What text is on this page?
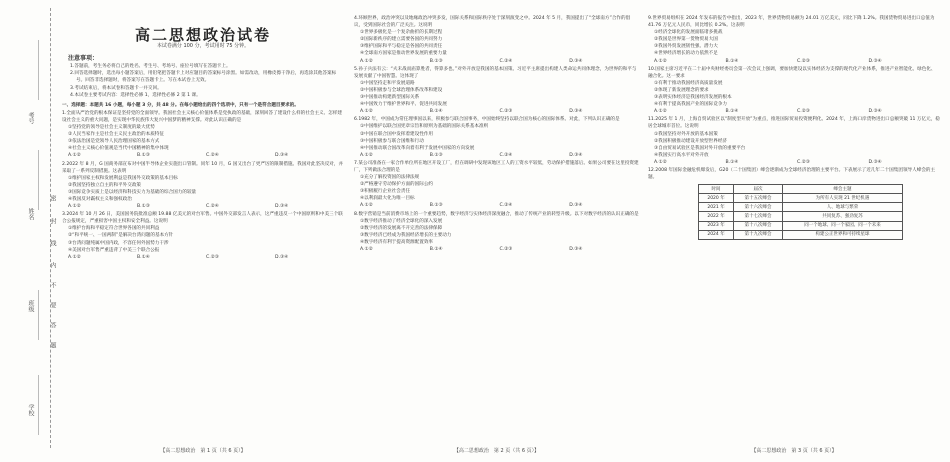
考号
姓名
密
封
线
内
不
要
答
题
班级
学校
高二思想政治试卷
本试卷满分 100 分，考试用时 75 分钟。
注意事项：
1.答题前，考生务必将自己的姓名、考生号、考场号、座位号填写在答题卡上。
2.回答选择题时，选出每小题答案后，用铅笔把答题卡上对应题目的答案标号涂黑。如需改动，用橡皮擦干净后，再选涂其他答案标号。回答非选择题时，将答案写在答题卡上。写在本试卷上无效。
3.考试结束后，将本试卷和答题卡一并交回。
4.本试卷主要考试内容：选择性必修 1，选择性必修 2 第 1 课。
一、选择题：本题共 16 小题，每小题 3 分，共 48 分。在每小题给出的四个选项中，只有一个是符合题目要求的。
1.全面从严治党的根本保证是坚持党的全面领导。我国社会主义核心价值体系是党执政的基础，深刻回答了建设什么样的社会主义、怎样建设社会主义的重大问题，是实现中华民族伟大复兴中国梦的精神支撑。对此认识正确的是
①坚持党的领导是社会主义制度的最大优势
②人民当家作主是社会主义民主政治的本质特征
③依法治国是党领导人民治理国家的基本方式
④社会主义核心价值观是当代中国精神的集中体现
A.①②	B.①③	C.②④	D.③④
2.2022 年 8 月，G 国商务部宣布对中国半导体企业实施出口管制。同年 10 月，G 国又出台了更严厉的限制措施。我国对此坚决反对，并采取了一系列反制措施。这表明
①维护国家主权和发展利益是我国外交政策的基本目标
②我国坚持独立自主的和平外交政策
③国际竞争实质上是以经济和科技实力为基础的综合国力的较量
④我国反对霸权主义和强权政治
A.①②	B.①③	C.②④	D.③④
3.2024 年 10 月 26 日，美国国务院批准总额 19.88 亿美元的对台军售。中国外交部发言人表示，这严重违反一个中国原则和中美三个联合公报规定，严重损害中国主权和安全利益。这说明
①维护台海和平稳定符合世界各国的共同利益
②“和平统一、一国两制”是解决台湾问题的基本方针
③台湾问题纯属中国内政，不容任何外国势力干涉
④美国对台军售严重违背了中美三个联合公报
A.①②	B.①④	C.②③	D.③④
4.环顾世界，政治冲突以及地缘政治冲突多发，国际关系和国际秩序处于深刻演变之中。2024 年 5 月，我国提出了“全球南方”合作的倡议，受到国际社会的广泛关注。这说明
①世界多极化是一个复杂曲折的长期过程
②国际新秩序的建立需要各国的共同努力
③维护国际和平与稳定是各国的共同责任
④全球南方国家是推动世界发展的重要力量
A.①②	B.①③	C.②④	D.③④
5.孙子兵法有云：“夫未战而庙算胜者，得算多也。”对外开放是我国的基本国策。习近平主席提出构建人类命运共同体理念，为世界的和平与发展贡献了中国智慧。这体现了
①中国坚持走和平发展道路
②中国积极参与全球治理体系改革和建设
③中国推动构建新型国际关系
④中国致力于维护世界和平、促进共同发展
A.①②	B.①④	C.②③	D.③④
6.1982 年，中国成为常任理事国以来，积极参与联合国事务，中国始终坚持以联合国为核心的国际体系。对此，下列认识正确的是
①中国维护以联合国宪章宗旨和原则为基础的国际关系基本准则
②中国在联合国中发挥着建设性作用
③中国积极参与联合国维和行动
④中国推动联合国改革向着有利于发展中国家的方向发展
A.①②	B.①③	C.②④	D.③④
7.某公司准备在一家合作单位所在地区开设工厂，但在调研中发现该地区工人的工资水平较低，劳动保护措施落后。如果公司要在这里投资建厂，下列做法合理的是
①充分了解投资国的法律法规
②严格遵守劳动保护方面的国际公约
③积极履行企业社会责任
④以利润最大化为唯一目标
A.①②	B.①③	C.②④	D.③④
8.数字营销是当前消费市场上的一个重要趋势，数字经济与实体经济深度融合，推动了传统产业的转型升级。以下对数字经济的认识正确的是
①数字经济推动了经济全球化的深入发展
②数字经济的发展离不开完善的法律保障
③数字经济已经成为我国经济增长的主要动力
④数字经济有利于提高资源配置效率
A.①②	B.①④	C.②③	D.③④
9.世界贸易组织在 2024 年发布的报告中指出，2023 年，世界货物贸易额为 24.01 万亿美元，同比下降 1.2%。我国货物贸易进出口总值为 41.76 万亿元人民币，同比增长 0.2%。这表明
①经济全球化的发展面临诸多挑战
②我国是世界第一货物贸易大国
③我国外贸发展韧性强、潜力大
④世界经济增长的动力依然不足
A.①②	B.①④	C.②③	D.③④
10.国家主席习近平在二十届中央财经委员会第一次会议上强调，要加快建设以实体经济为支撑的现代化产业体系，推进产业智能化、绿色化、融合化。这一要求
①有利于推动我国经济高质量发展
②体现了新发展理念的要求
③表明实体经济是我国经济发展的根本
④有利于提高我国产业的国际竞争力
A.①②	B.①④	C.②③	D.③④
11.2025 年 1 月，上海自贸试验区以“制度型开放”为重点，推进国际贸易投资便利化。2024 年，上海口岸货物进出口总额突破 11 万亿元，稳居全球城市首位。这说明
①我国坚持对外开放的基本国策
②我国积极推动建设开放型世界经济
③自由贸易试验区是我国对外开放的重要平台
④我国实行高水平对外开放
A.①②	B.①④	C.②③	D.③④
12.2008 年国际金融危机爆发后，G20（二十国集团）峰会逐渐成为全球经济治理的主要平台。下表展示了近几年二十国集团领导人峰会的主题。
时间	届次	峰会主题
2020 年	第十五次峰会	为所有人实现 21 世纪机遇
2021 年	第十六次峰会	人、地球与繁荣
2022 年	第十七次峰会	共同复苏、强劲复苏
2023 年	第十八次峰会	同一个地球、同一个家园、同一个未来
2024 年	第十九次峰会	构建公正世界和可持续星球
【高二思想政治　第 1 页（共 6 页）】	【高二思想政治　第 2 页（共 6 页）】	【高二思想政治　第 3 页（共 6 页）】
